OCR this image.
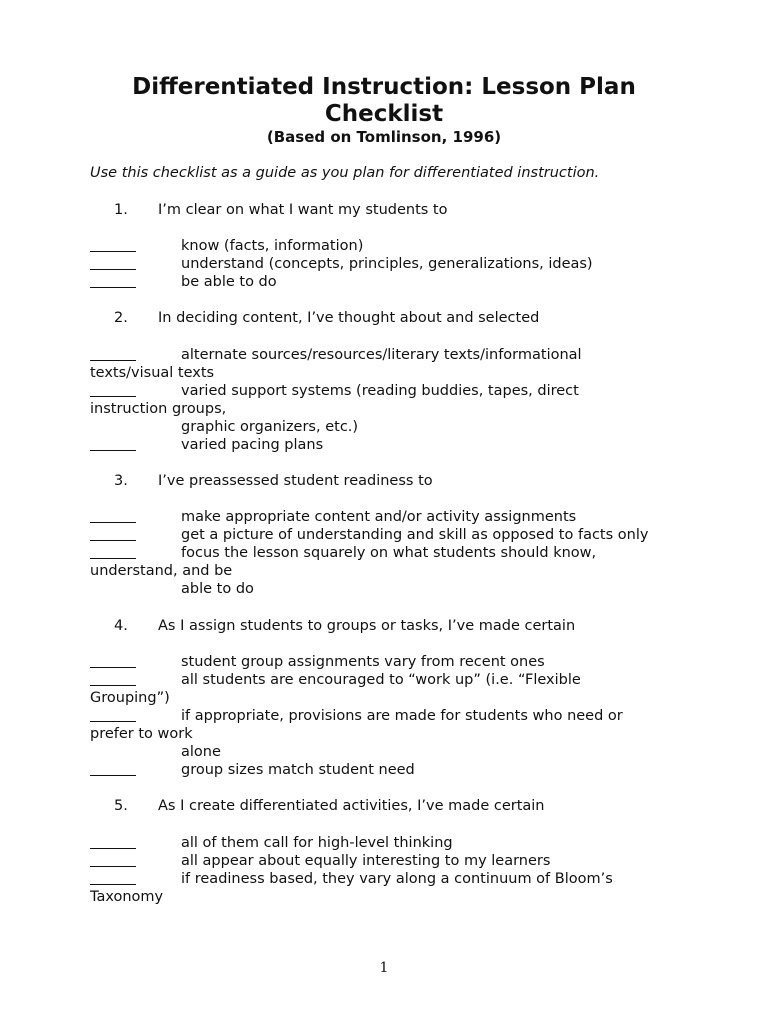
Differentiated Instruction: Lesson Plan Checklist
(Based on Tomlinson, 1996)
Use this checklist as a guide as you plan for differentiated instruction.
1. I’m clear on what I want my students to
know (facts, information)
understand (concepts, principles, generalizations, ideas)
be able to do
2. In deciding content, I’ve thought about and selected
alternate sources/resources/literary texts/informational
texts/visual texts
varied support systems (reading buddies, tapes, direct
instruction groups,
graphic organizers, etc.)
varied pacing plans
3. I’ve preassessed student readiness to
make appropriate content and/or activity assignments
get a picture of understanding and skill as opposed to facts only
focus the lesson squarely on what students should know,
understand, and be
able to do
4. As I assign students to groups or tasks, I’ve made certain
student group assignments vary from recent ones
all students are encouraged to “work up” (i.e. “Flexible
Grouping”)
if appropriate, provisions are made for students who need or
prefer to work
alone
group sizes match student need
5. As I create differentiated activities, I’ve made certain
all of them call for high-level thinking
all appear about equally interesting to my learners
if readiness based, they vary along a continuum of Bloom’s
Taxonomy
1
